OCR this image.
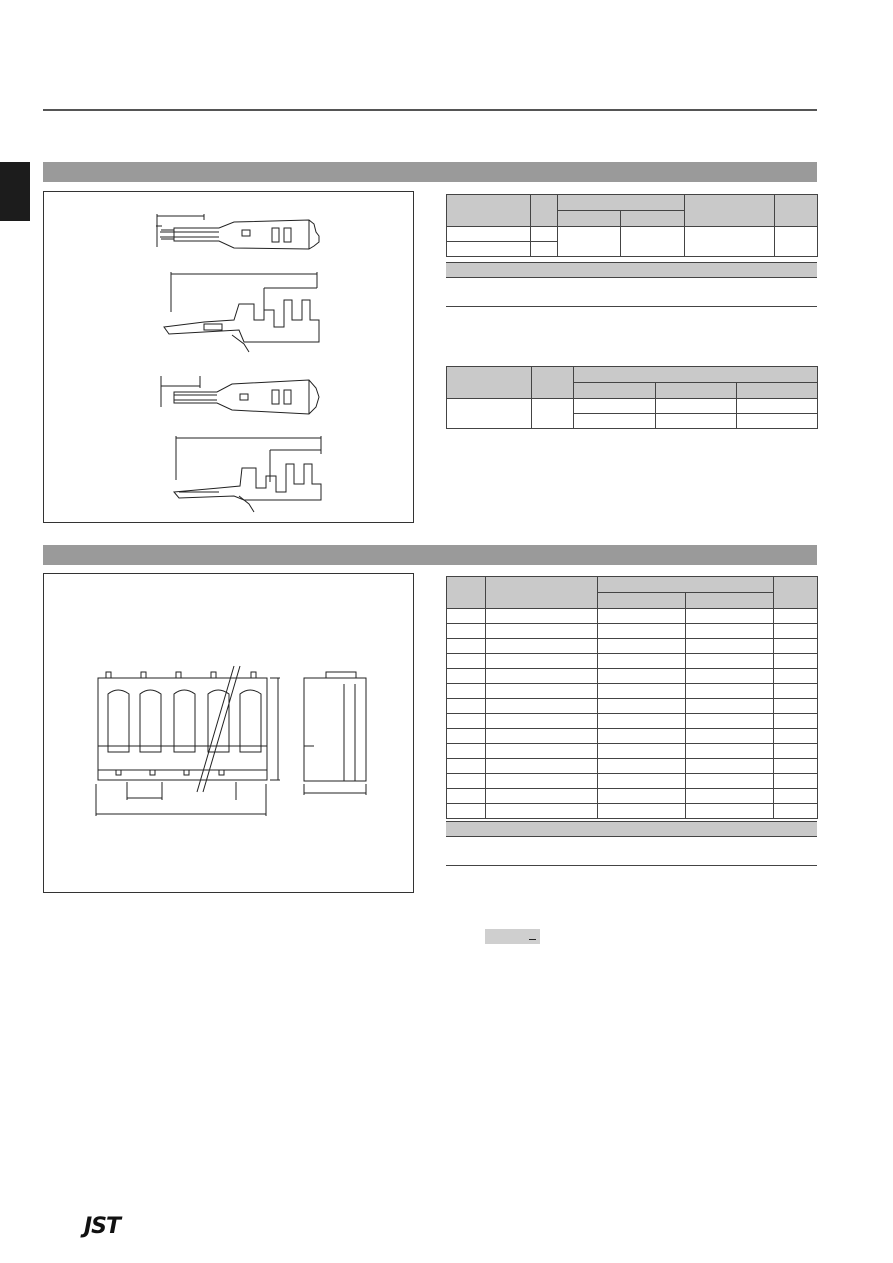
JST
